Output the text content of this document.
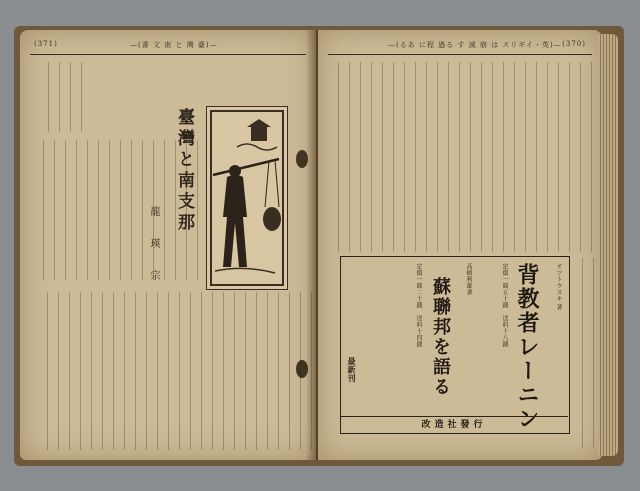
(371)	—(書 文 南 と 灣 臺)—
臺灣と南支那
龍　瑛　宗
—(るあ に程 過る す 滅 崩 は スリギイ・英)— (370)
オツトウスキ 著
背教者レーニン
定價一圓五十錢　送料十八錢
高橋利雄著
蘇聯邦を語る
定價一圓二十錢　送料十四錢
最新刊
改造社發行
